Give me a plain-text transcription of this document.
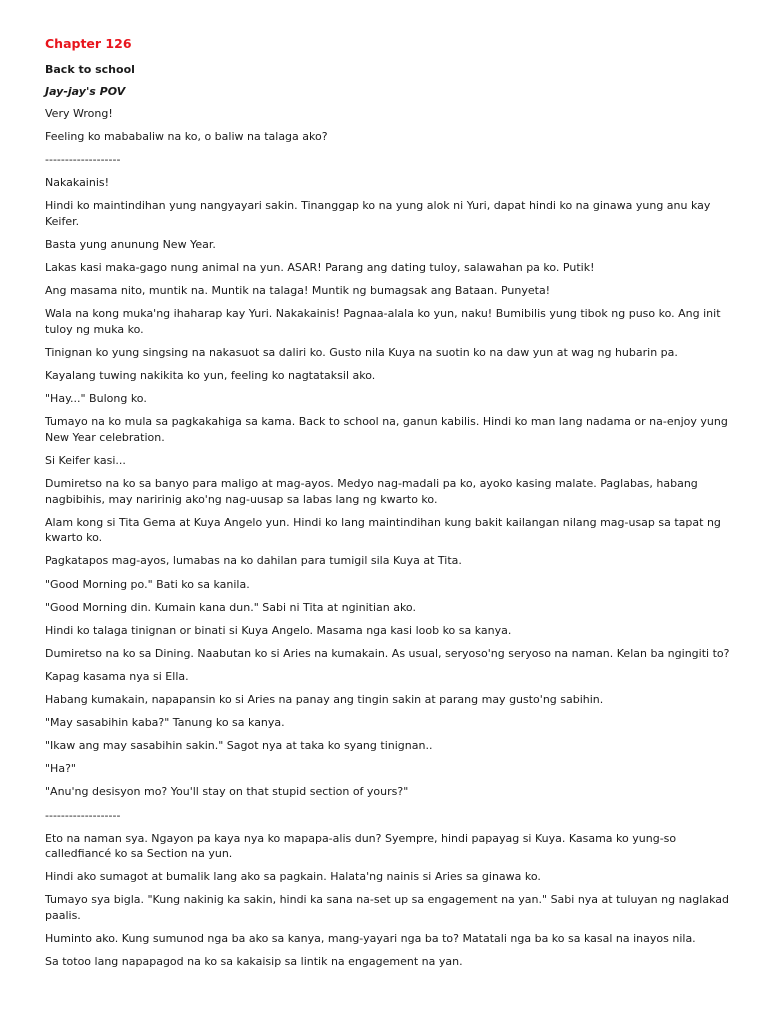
Chapter 126
Back to school
Jay-jay's POV

Very Wrong!

Feeling ko mababaliw na ko, o baliw na talaga ako?

-------------------

Nakakainis!

Hindi ko maintindihan yung nangyayari sakin. Tinanggap ko na yung alok ni Yuri, dapat hindi ko na ginawa yung anu kay Keifer.

Basta yung anunung New Year.

Lakas kasi maka-gago nung animal na yun. ASAR! Parang ang dating tuloy, salawahan pa ko. Putik!

Ang masama nito, muntik na. Muntik na talaga! Muntik ng bumagsak ang Bataan. Punyeta!

Wala na kong muka'ng ihaharap kay Yuri. Nakakainis! Pagnaa-alala ko yun, naku! Bumibilis yung tibok ng puso ko. Ang init tuloy ng muka ko.

Tinignan ko yung singsing na nakasuot sa daliri ko. Gusto nila Kuya na suotin ko na daw yun at wag ng hubarin pa.

Kayalang tuwing nakikita ko yun, feeling ko nagtataksil ako.

"Hay..." Bulong ko.

Tumayo na ko mula sa pagkakahiga sa kama. Back to school na, ganun kabilis. Hindi ko man lang nadama or na-enjoy yung New Year celebration.

Si Keifer kasi...

Dumiretso na ko sa banyo para maligo at mag-ayos. Medyo nag-madali pa ko, ayoko kasing malate. Paglabas, habang nagbibihis, may naririnig ako'ng nag-uusap sa labas lang ng kwarto ko.

Alam kong si Tita Gema at Kuya Angelo yun. Hindi ko lang maintindihan kung bakit kailangan nilang mag-usap sa tapat ng kwarto ko.

Pagkatapos mag-ayos, lumabas na ko dahilan para tumigil sila Kuya at Tita.

"Good Morning po." Bati ko sa kanila.

"Good Morning din. Kumain kana dun." Sabi ni Tita at nginitian ako.

Hindi ko talaga tinignan or binati si Kuya Angelo. Masama nga kasi loob ko sa kanya.

Dumiretso na ko sa Dining. Naabutan ko si Aries na kumakain. As usual, seryoso'ng seryoso na naman. Kelan ba ngingiti to?

Kapag kasama nya si Ella.

Habang kumakain, napapansin ko si Aries na panay ang tingin sakin at parang may gusto'ng sabihin.

"May sasabihin kaba?" Tanung ko sa kanya.

"Ikaw ang may sasabihin sakin." Sagot nya at taka ko syang tinignan..

"Ha?"

"Anu'ng desisyon mo? You'll stay on that stupid section of yours?"

-------------------

Eto na naman sya. Ngayon pa kaya nya ko mapapa-alis dun? Syempre, hindi papayag si Kuya. Kasama ko yung-so calledfiancé ko sa Section na yun.

Hindi ako sumagot at bumalik lang ako sa pagkain. Halata'ng nainis si Aries sa ginawa ko.

Tumayo sya bigla. "Kung nakinig ka sakin, hindi ka sana na-set up sa engagement na yan." Sabi nya at tuluyan ng naglakad paalis.

Huminto ako. Kung sumunod nga ba ako sa kanya, mang-yayari nga ba to? Matatali nga ba ko sa kasal na inayos nila.

Sa totoo lang napapagod na ko sa kakaisip sa lintik na engagement na yan.
